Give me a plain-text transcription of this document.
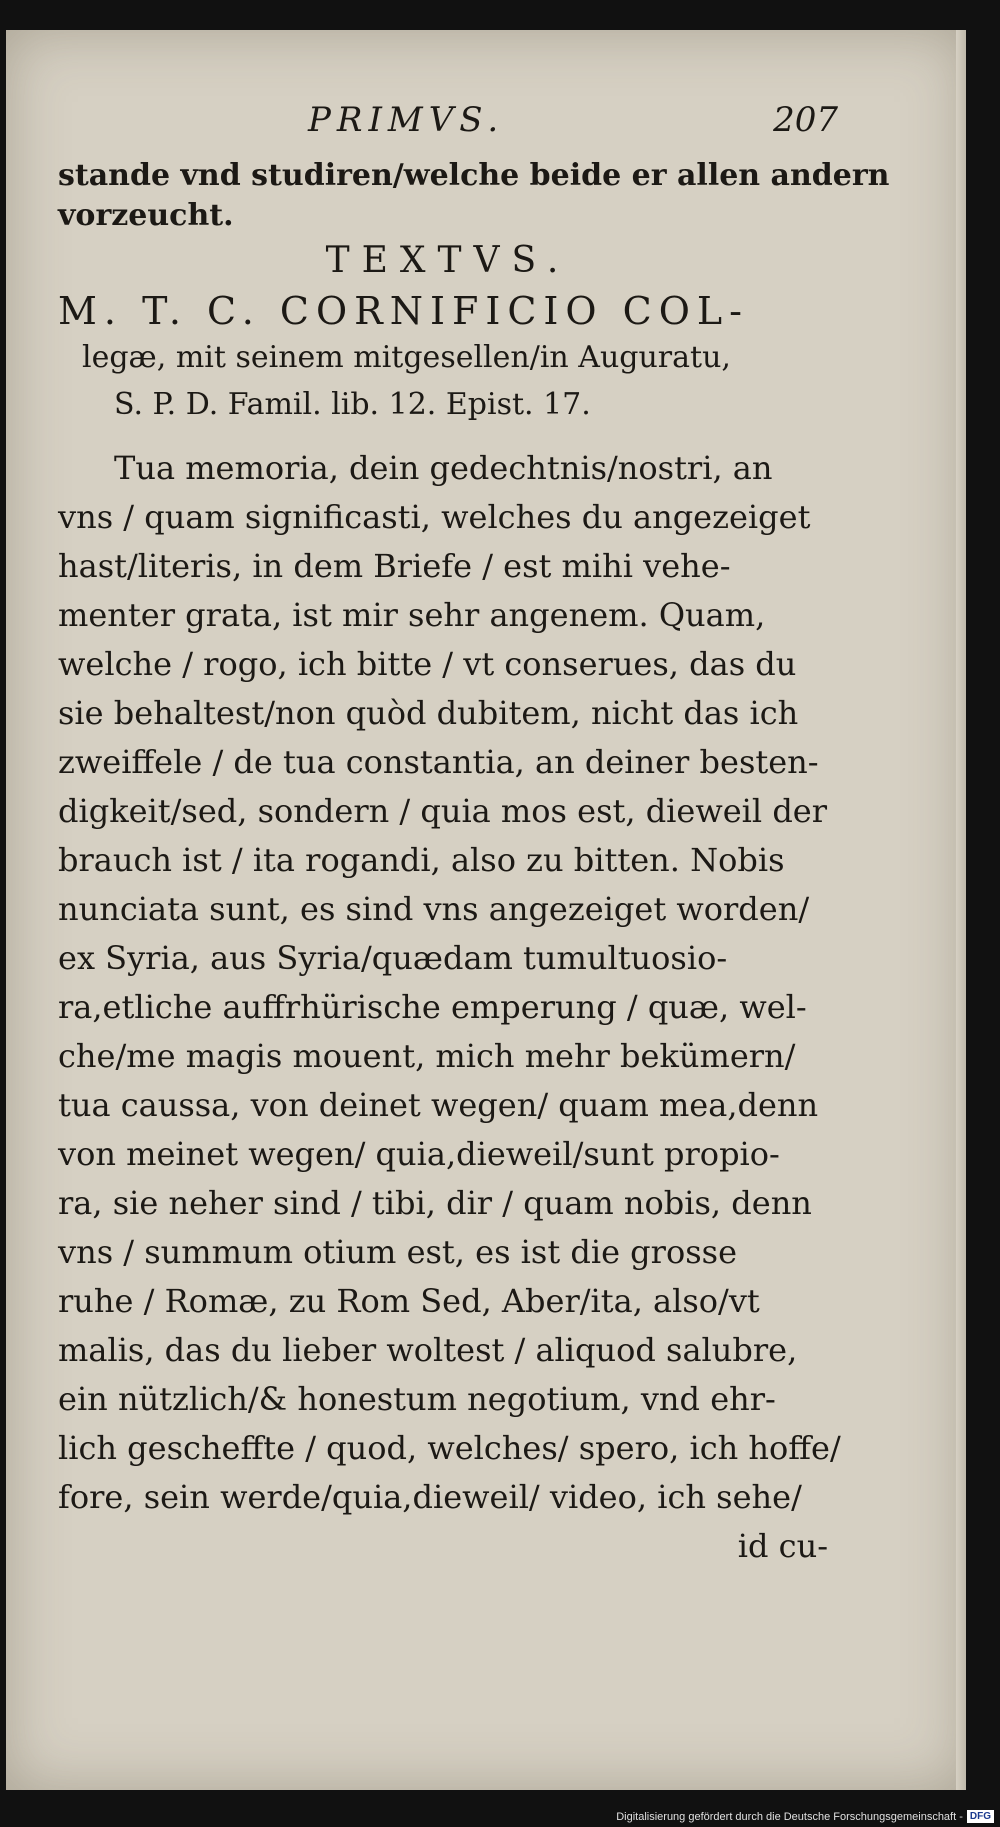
PRIMVS.	207
stande vnd studiren/welche beide er allen andern
vorzeucht.
TEXTVS.
M. T. C. CORNIFICIO COL-
legæ, mit seinem mitgesellen/in Auguratu,
S. P. D. Famil. lib. 12. Epist. 17.
Tua memoria, dein gedechtnis/nostri, an
vns / quam significasti, welches du angezeiget
hast/literis, in dem Briefe / est mihi vehe-
menter grata, ist mir sehr angenem. Quam,
welche / rogo, ich bitte / vt conserues, das du
sie behaltest/non quòd dubitem, nicht das ich
zweiffele / de tua constantia, an deiner besten-
digkeit/sed, sondern / quia mos est, dieweil der
brauch ist / ita rogandi, also zu bitten. Nobis
nunciata sunt, es sind vns angezeiget worden/
ex Syria, aus Syria/quædam tumultuosio-
ra,etliche auffrhürische emperung / quæ, wel-
che/me magis mouent, mich mehr bekümern/
tua caussa, von deinet wegen/ quam mea,denn
von meinet wegen/ quia,dieweil/sunt propio-
ra, sie neher sind / tibi, dir / quam nobis, denn
vns / summum otium est, es ist die grosse
ruhe / Romæ, zu Rom Sed, Aber/ita, also/vt
malis, das du lieber woltest / aliquod salubre,
ein nützlich/& honestum negotium, vnd ehr-
lich gescheffte / quod, welches/ spero, ich hoffe/
fore, sein werde/quia,dieweil/ video, ich sehe/
id cu-
Digitalisierung gefördert durch die Deutsche Forschungsgemeinschaft - DFG
